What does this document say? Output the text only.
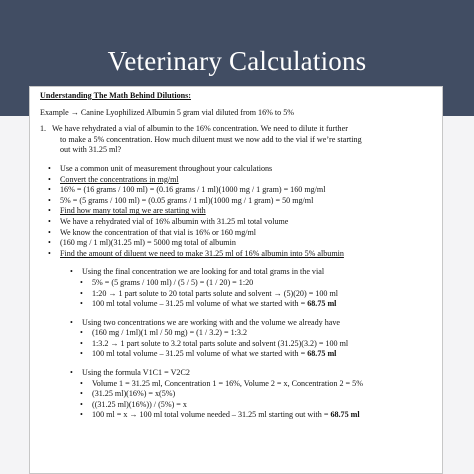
Veterinary Calculations
Understanding The Math Behind Dilutions:
Example → Canine Lyophilized Albumin 5 gram vial diluted from 16% to 5%
1. We have rehydrated a vial of albumin to the 16% concentration. We need to dilute it further
to make a 5% concentration. How much diluent must we now add to the vial if we’re starting
out with 31.25 ml?
• Use a common unit of measurement throughout your calculations
• Convert the concentrations in mg/ml
• 16% = (16 grams / 100 ml) = (0.16 grams / 1 ml)(1000 mg / 1 gram) = 160 mg/ml
• 5% = (5 grams / 100 ml) = (0.05 grams / 1 ml)(1000 mg / 1 gram) = 50 mg/ml
• Find how many total mg we are starting with
• We have a rehydrated vial of 16% albumin with 31.25 ml total volume
• We know the concentration of that vial is 16% or 160 mg/ml
• (160 mg / 1 ml)(31.25 ml) = 5000 mg total of albumin
• Find the amount of diluent we need to make 31.25 ml of 16% albumin into 5% albumin
• Using the final concentration we are looking for and total grams in the vial
• 5% = (5 grams / 100 ml) / (5 / 5) = (1 / 20) = 1:20
• 1:20 → 1 part solute to 20 total parts solute and solvent → (5)(20) = 100 ml
• 100 ml total volume – 31.25 ml volume of what we started with = 68.75 ml
• Using two concentrations we are working with and the volume we already have
• (160 mg / 1ml)(1 ml / 50 mg) = (1 / 3.2) = 1:3.2
• 1:3.2 → 1 part solute to 3.2 total parts solute and solvent (31.25)(3.2) = 100 ml
• 100 ml total volume – 31.25 ml volume of what we started with = 68.75 ml
• Using the formula V1C1 = V2C2
• Volume 1 = 31.25 ml, Concentration 1 = 16%, Volume 2 = x, Concentration 2 = 5%
• (31.25 ml)(16%) = x(5%)
• ((31.25 ml)(16%)) / (5%) = x
• 100 ml = x → 100 ml total volume needed – 31.25 ml starting out with = 68.75 ml
